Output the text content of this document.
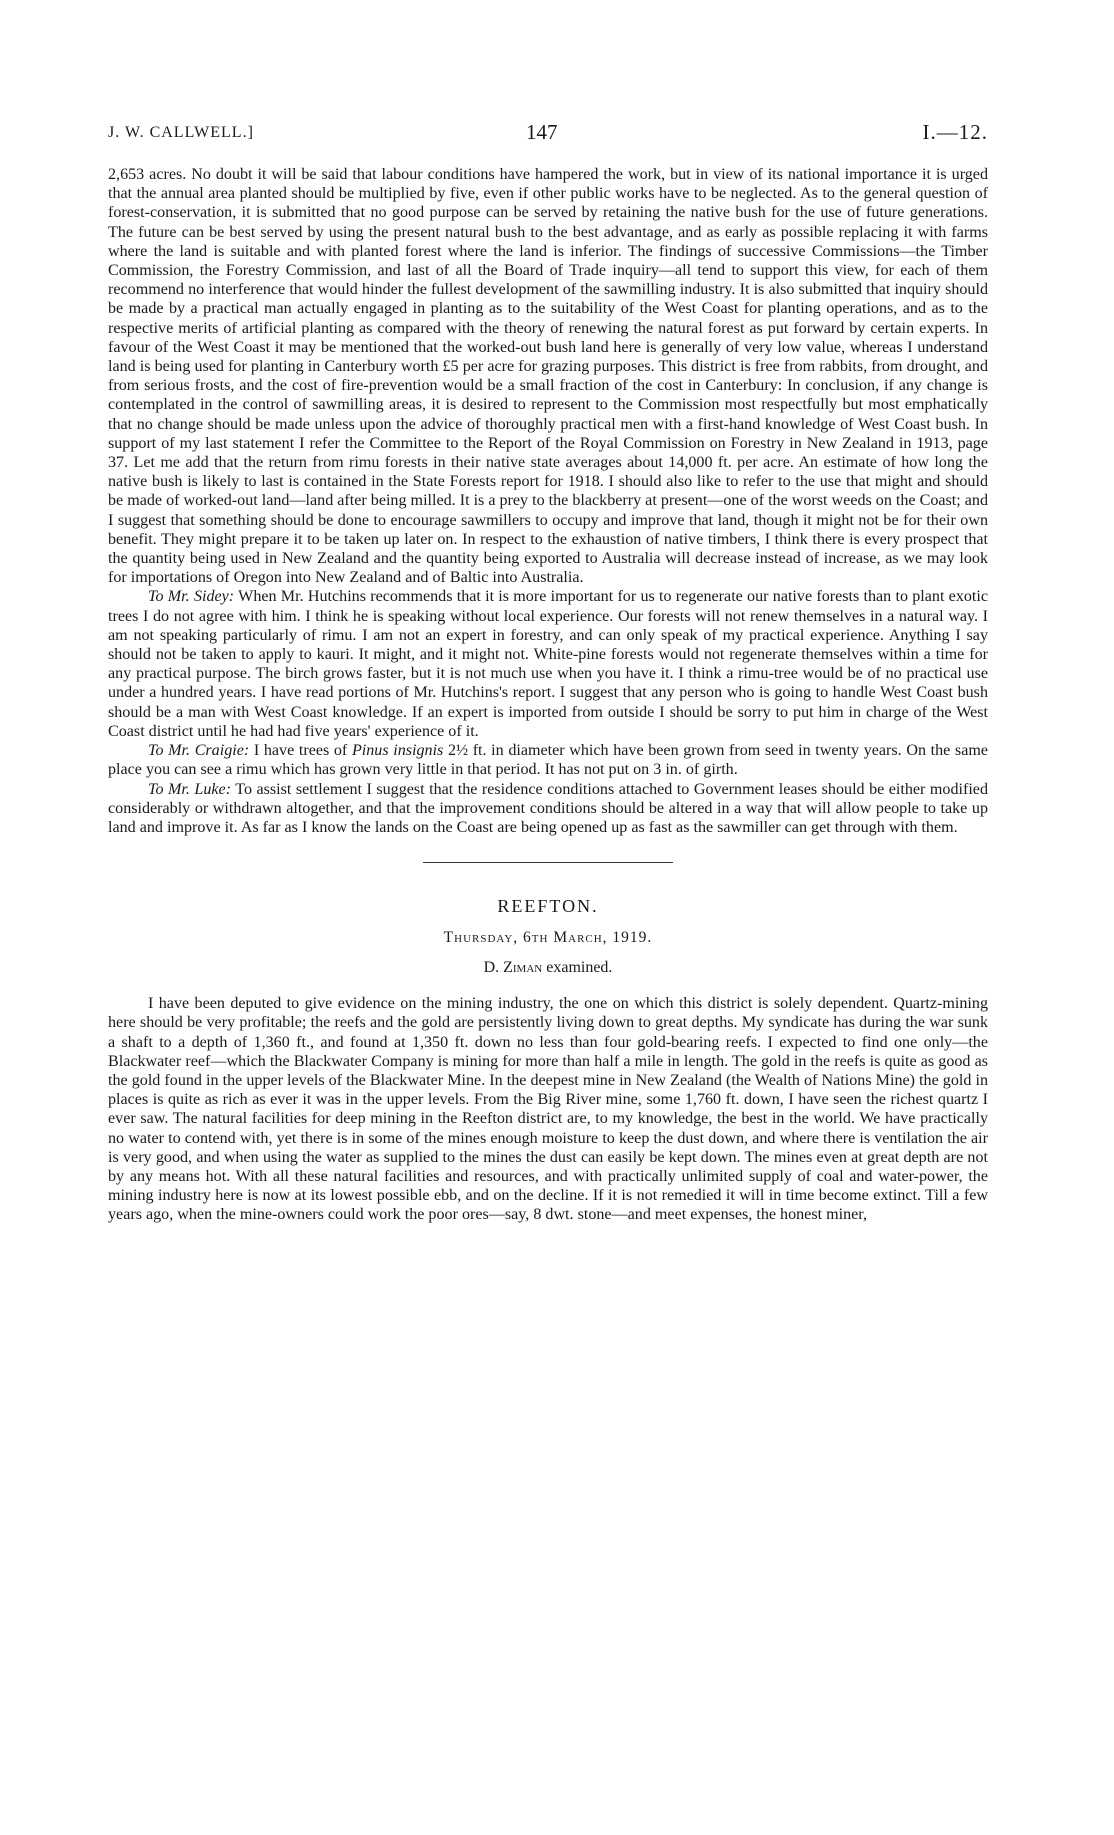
J. W. CALLWELL.]	147	I.—12.

2,653 acres. No doubt it will be said that labour conditions have hampered the work, but in view of its national importance it is urged that the annual area planted should be multiplied by five, even if other public works have to be neglected. As to the general question of forest-conservation, it is submitted that no good purpose can be served by retaining the native bush for the use of future generations. The future can be best served by using the present natural bush to the best advantage, and as early as possible replacing it with farms where the land is suitable and with planted forest where the land is inferior. The findings of successive Commissions—the Timber Commission, the Forestry Commission, and last of all the Board of Trade inquiry—all tend to support this view, for each of them recommend no interference that would hinder the fullest development of the sawmilling industry. It is also submitted that inquiry should be made by a practical man actually engaged in planting as to the suitability of the West Coast for planting operations, and as to the respective merits of artificial planting as compared with the theory of renewing the natural forest as put forward by certain experts. In favour of the West Coast it may be mentioned that the worked-out bush land here is generally of very low value, whereas I understand land is being used for planting in Canterbury worth £5 per acre for grazing purposes. This district is free from rabbits, from drought, and from serious frosts, and the cost of fire-prevention would be a small fraction of the cost in Canterbury: In conclusion, if any change is contemplated in the control of sawmilling areas, it is desired to represent to the Commission most respectfully but most emphatically that no change should be made unless upon the advice of thoroughly practical men with a first-hand knowledge of West Coast bush. In support of my last statement I refer the Committee to the Report of the Royal Commission on Forestry in New Zealand in 1913, page 37. Let me add that the return from rimu forests in their native state averages about 14,000 ft. per acre. An estimate of how long the native bush is likely to last is contained in the State Forests report for 1918. I should also like to refer to the use that might and should be made of worked-out land—land after being milled. It is a prey to the blackberry at present—one of the worst weeds on the Coast; and I suggest that something should be done to encourage sawmillers to occupy and improve that land, though it might not be for their own benefit. They might prepare it to be taken up later on. In respect to the exhaustion of native timbers, I think there is every prospect that the quantity being used in New Zealand and the quantity being exported to Australia will decrease instead of increase, as we may look for importations of Oregon into New Zealand and of Baltic into Australia.

To Mr. Sidey: When Mr. Hutchins recommends that it is more important for us to regenerate our native forests than to plant exotic trees I do not agree with him. I think he is speaking without local experience. Our forests will not renew themselves in a natural way. I am not speaking particularly of rimu. I am not an expert in forestry, and can only speak of my practical experience. Anything I say should not be taken to apply to kauri. It might, and it might not. White-pine forests would not regenerate themselves within a time for any practical purpose. The birch grows faster, but it is not much use when you have it. I think a rimu-tree would be of no practical use under a hundred years. I have read portions of Mr. Hutchins's report. I suggest that any person who is going to handle West Coast bush should be a man with West Coast knowledge. If an expert is imported from outside I should be sorry to put him in charge of the West Coast district until he had had five years' experience of it.

To Mr. Craigie: I have trees of Pinus insignis 2½ ft. in diameter which have been grown from seed in twenty years. On the same place you can see a rimu which has grown very little in that period. It has not put on 3 in. of girth.

To Mr. Luke: To assist settlement I suggest that the residence conditions attached to Government leases should be either modified considerably or withdrawn altogether, and that the improvement conditions should be altered in a way that will allow people to take up land and improve it. As far as I know the lands on the Coast are being opened up as fast as the sawmiller can get through with them.

REEFTON.
Thursday, 6th March, 1919.
D. Ziman examined.

I have been deputed to give evidence on the mining industry, the one on which this district is solely dependent. Quartz-mining here should be very profitable; the reefs and the gold are persistently living down to great depths. My syndicate has during the war sunk a shaft to a depth of 1,360 ft., and found at 1,350 ft. down no less than four gold-bearing reefs. I expected to find one only—the Blackwater reef—which the Blackwater Company is mining for more than half a mile in length. The gold in the reefs is quite as good as the gold found in the upper levels of the Blackwater Mine. In the deepest mine in New Zealand (the Wealth of Nations Mine) the gold in places is quite as rich as ever it was in the upper levels. From the Big River mine, some 1,760 ft. down, I have seen the richest quartz I ever saw. The natural facilities for deep mining in the Reefton district are, to my knowledge, the best in the world. We have practically no water to contend with, yet there is in some of the mines enough moisture to keep the dust down, and where there is ventilation the air is very good, and when using the water as supplied to the mines the dust can easily be kept down. The mines even at great depth are not by any means hot. With all these natural facilities and resources, and with practically unlimited supply of coal and water-power, the mining industry here is now at its lowest possible ebb, and on the decline. If it is not remedied it will in time become extinct. Till a few years ago, when the mine-owners could work the poor ores—say, 8 dwt. stone—and meet expenses, the honest miner,
